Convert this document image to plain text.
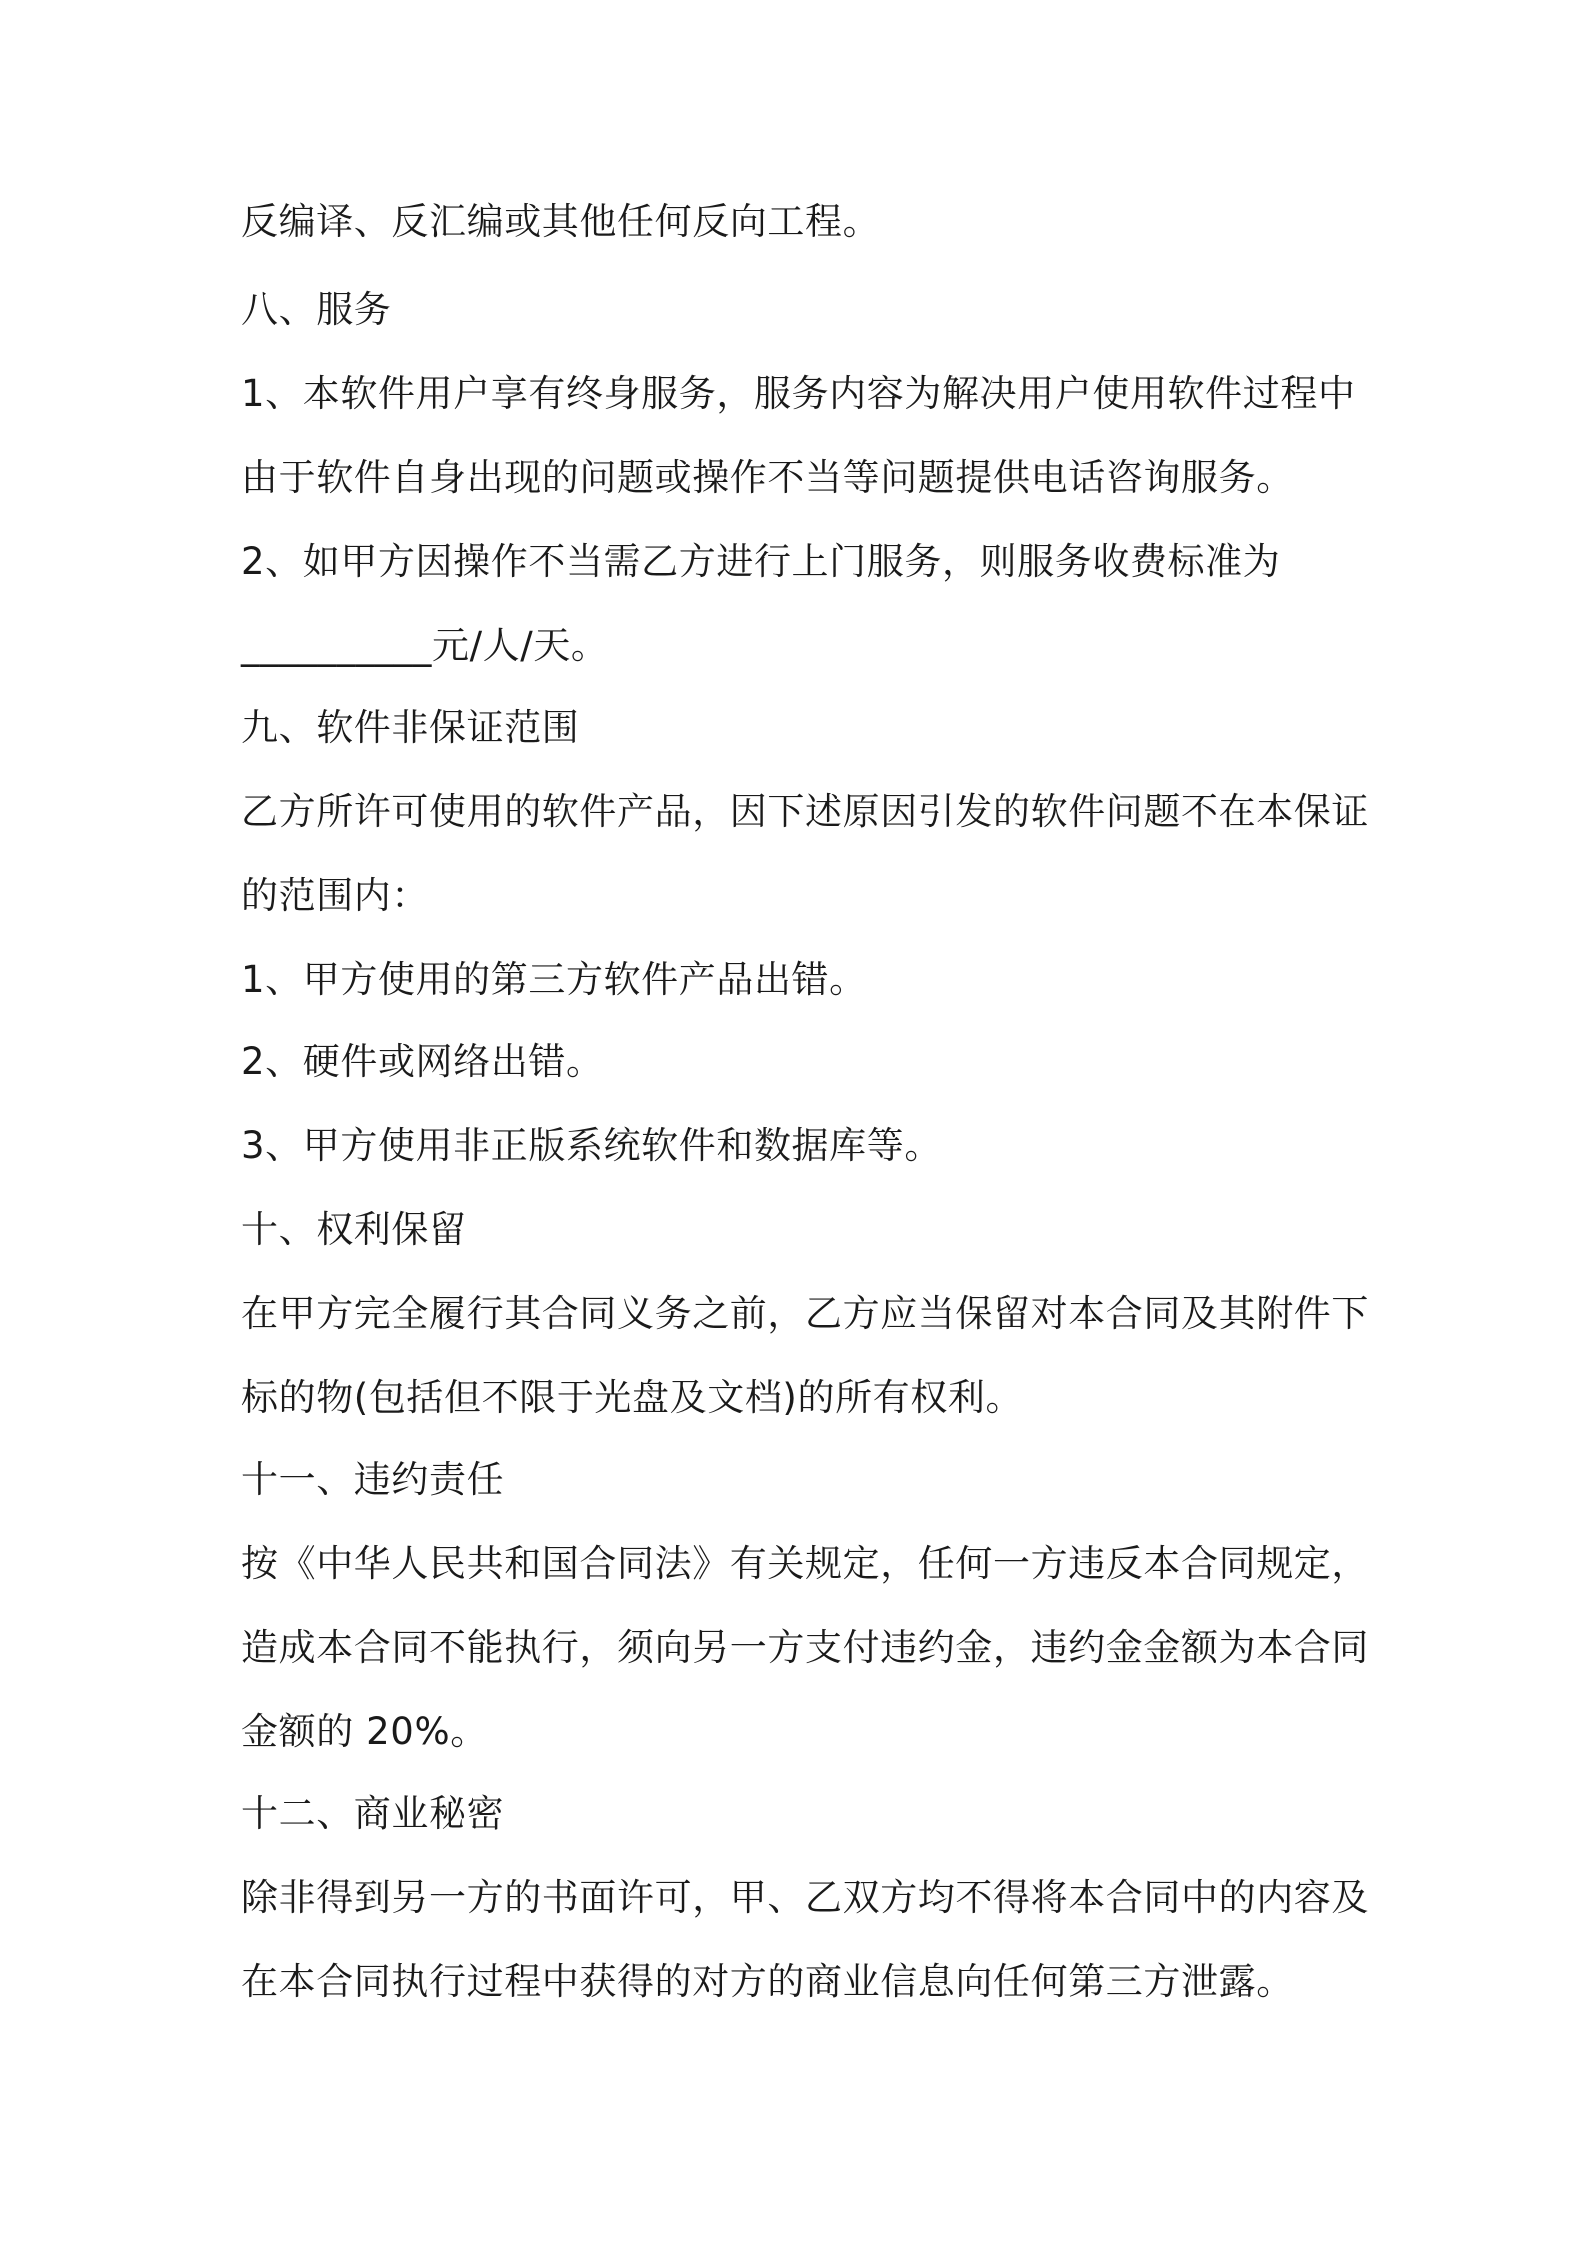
反编译、反汇编或其他任何反向工程。

八、服务

1、本软件用户享有终身服务，服务内容为解决用户使用软件过程中

由于软件自身出现的问题或操作不当等问题提供电话咨询服务。

2、如甲方因操作不当需乙方进行上门服务，则服务收费标准为

__________元/人/天。

九、软件非保证范围

乙方所许可使用的软件产品，因下述原因引发的软件问题不在本保证

的范围内：

1、甲方使用的第三方软件产品出错。

2、硬件或网络出错。

3、甲方使用非正版系统软件和数据库等。

十、权利保留

在甲方完全履行其合同义务之前，乙方应当保留对本合同及其附件下

标的物(包括但不限于光盘及文档)的所有权利。

十一、违约责任

按《中华人民共和国合同法》有关规定，任何一方违反本合同规定，

造成本合同不能执行，须向另一方支付违约金，违约金金额为本合同

金额的 20%。

十二、商业秘密

除非得到另一方的书面许可，甲、乙双方均不得将本合同中的内容及

在本合同执行过程中获得的对方的商业信息向任何第三方泄露。
